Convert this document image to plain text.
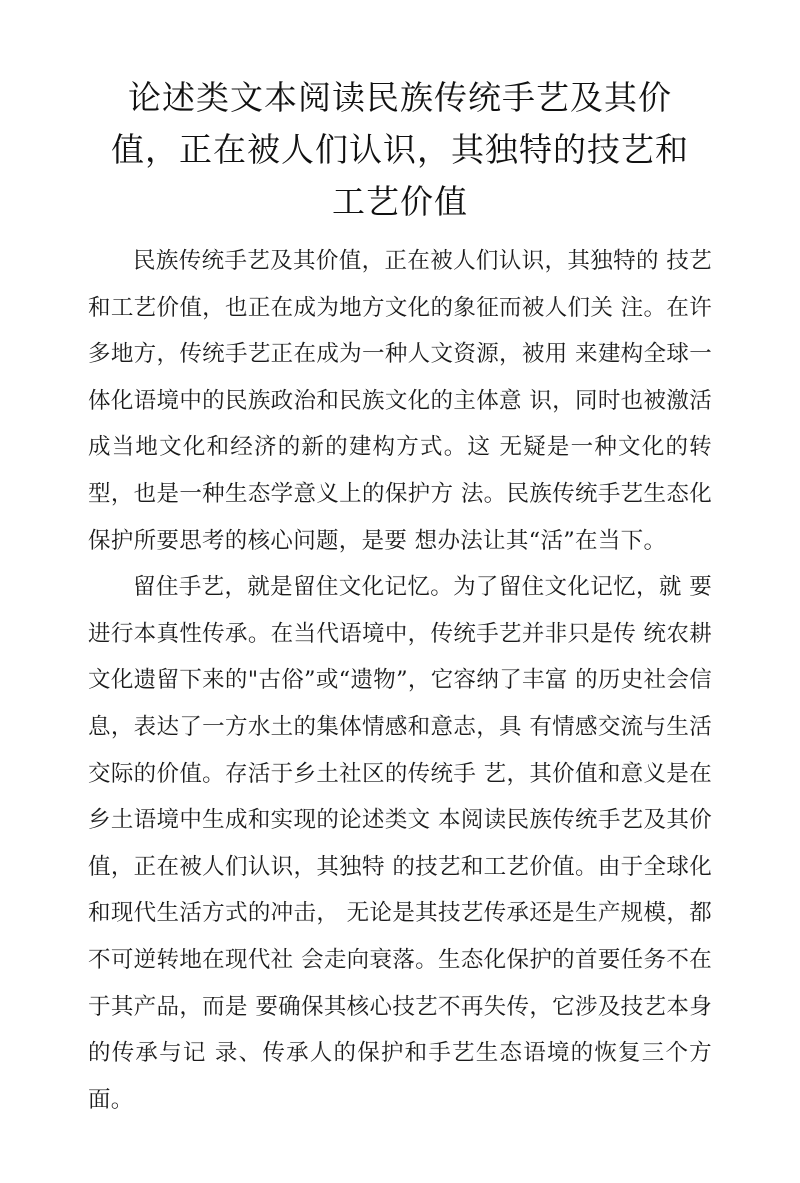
论述类文本阅读民族传统手艺及其价值，正在被人们认识，其独特的技艺和工艺价值

民族传统手艺及其价值，正在被人们认识，其独特的 技艺和工艺价值，也正在成为地方文化的象征而被人们关 注。在许多地方，传统手艺正在成为一种人文资源，被用 来建构全球一体化语境中的民族政治和民族文化的主体意 识，同时也被激活成当地文化和经济的新的建构方式。这 无疑是一种文化的转型，也是一种生态学意义上的保护方 法。民族传统手艺生态化保护所要思考的核心问题，是要 想办法让其“活”在当下。

留住手艺，就是留住文化记忆。为了留住文化记忆，就 要进行本真性传承。在当代语境中，传统手艺并非只是传 统农耕文化遗留下来的"古俗”或“遗物”，它容纳了丰富 的历史社会信息，表达了一方水土的集体情感和意志，具 有情感交流与生活交际的价值。存活于乡土社区的传统手 艺，其价值和意义是在乡土语境中生成和实现的论述类文 本阅读民族传统手艺及其价值，正在被人们认识，其独特 的技艺和工艺价值。由于全球化和现代生活方式的冲击， 无论是其技艺传承还是生产规模，都不可逆转地在现代社 会走向衰落。生态化保护的首要任务不在于其产品，而是 要确保其核心技艺不再失传，它涉及技艺本身的传承与记 录、传承人的保护和手艺生态语境的恢复三个方面。
